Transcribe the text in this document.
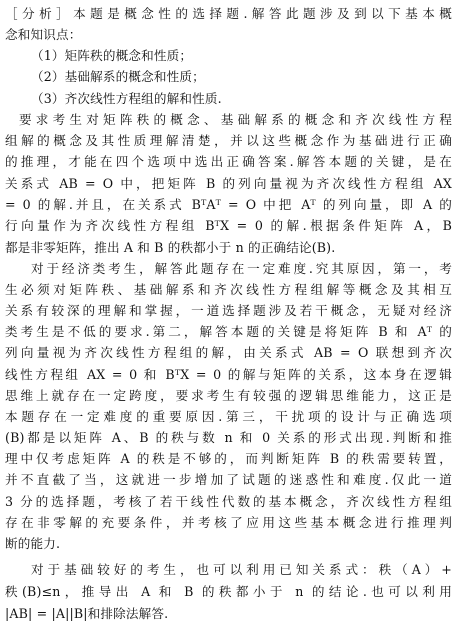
［分析］本题是概念性的选择题.解答此题涉及到以下基本概
念和知识点：
（1）矩阵秩的概念和性质；
（2）基础解系的概念和性质；
（3）齐次线性方程组的解和性质.
要求考生对矩阵秩的概念、基础解系的概念和齐次线性方程
组解的概念及其性质理解清楚，并以这些概念作为基础进行正确
的推理，才能在四个选项中选出正确答案.解答本题的关键，是在
关系式 AB = O 中，把矩阵 B 的列向量视为齐次线性方程组 AX
= 0 的解.并且，在关系式 BᵀAᵀ = O 中把 Aᵀ 的列向量，即 A 的
行向量作为齐次线性方程组 BᵀX = 0 的解.根据条件矩阵 A，B
都是非零矩阵，推出 A 和 B 的秩都小于 n 的正确结论(B).
对于经济类考生，解答此题存在一定难度.究其原因，第一，考
生必须对矩阵秩、基础解系和齐次线性方程组解等概念及其相互
关系有较深的理解和掌握，一道选择题涉及若干概念，无疑对经济
类考生是不低的要求.第二，解答本题的关键是将矩阵 B 和 Aᵀ 的
列向量视为齐次线性方程组的解，由关系式 AB = O 联想到齐次
线性方程组 AX = 0 和 BᵀX = 0 的解与矩阵的关系，这本身在逻辑
思维上就存在一定跨度，要求考生有较强的逻辑思维能力，这正是
本题存在一定难度的重要原因.第三，干扰项的设计与正确选项
(B)都是以矩阵 A、B 的秩与数 n 和 0 关系的形式出现.判断和推
理中仅考虑矩阵 A 的秩是不够的，而判断矩阵 B 的秩需要转置，
并不直截了当，这就进一步增加了试题的迷惑性和难度.仅此一道
3 分的选择题，考核了若干线性代数的基本概念，齐次线性方程组
存在非零解的充要条件，并考核了应用这些基本概念进行推理判
断的能力.
对于基础较好的考生，也可以利用已知关系式：秩（A）+
秩(B)≤n，推导出 A 和 B 的秩都小于 n 的结论.也可以利用
|AB| = |A||B|和排除法解答.
